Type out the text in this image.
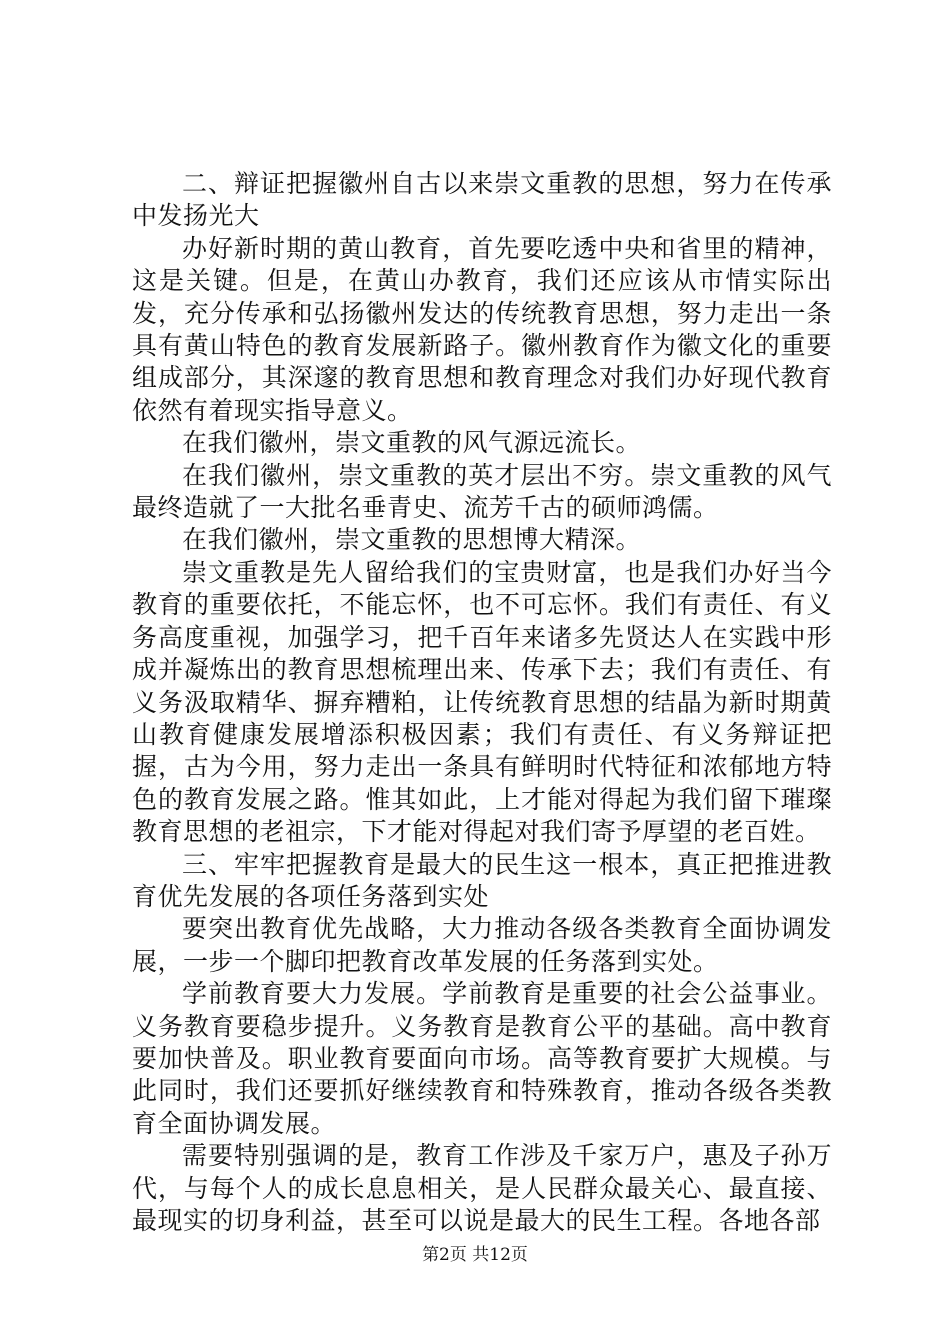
二、辩证把握徽州自古以来崇文重教的思想，努力在传承中发扬光大

办好新时期的黄山教育，首先要吃透中央和省里的精神，这是关键。但是，在黄山办教育，我们还应该从市情实际出发，充分传承和弘扬徽州发达的传统教育思想，努力走出一条具有黄山特色的教育发展新路子。徽州教育作为徽文化的重要组成部分，其深邃的教育思想和教育理念对我们办好现代教育依然有着现实指导意义。

在我们徽州，崇文重教的风气源远流长。

在我们徽州，崇文重教的英才层出不穷。崇文重教的风气最终造就了一大批名垂青史、流芳千古的硕师鸿儒。

在我们徽州，崇文重教的思想博大精深。

崇文重教是先人留给我们的宝贵财富，也是我们办好当今教育的重要依托，不能忘怀，也不可忘怀。我们有责任、有义务高度重视，加强学习，把千百年来诸多先贤达人在实践中形成并凝炼出的教育思想梳理出来、传承下去；我们有责任、有义务汲取精华、摒弃糟粕，让传统教育思想的结晶为新时期黄山教育健康发展增添积极因素；我们有责任、有义务辩证把握，古为今用，努力走出一条具有鲜明时代特征和浓郁地方特色的教育发展之路。惟其如此，上才能对得起为我们留下璀璨教育思想的老祖宗，下才能对得起对我们寄予厚望的老百姓。

三、牢牢把握教育是最大的民生这一根本，真正把推进教育优先发展的各项任务落到实处

要突出教育优先战略，大力推动各级各类教育全面协调发展，一步一个脚印把教育改革发展的任务落到实处。

学前教育要大力发展。学前教育是重要的社会公益事业。义务教育要稳步提升。义务教育是教育公平的基础。高中教育要加快普及。职业教育要面向市场。高等教育要扩大规模。与此同时，我们还要抓好继续教育和特殊教育，推动各级各类教育全面协调发展。

需要特别强调的是，教育工作涉及千家万户，惠及子孙万代，与每个人的成长息息相关，是人民群众最关心、最直接、最现实的切身利益，甚至可以说是最大的民生工程。各地各部

第2页 共12页
